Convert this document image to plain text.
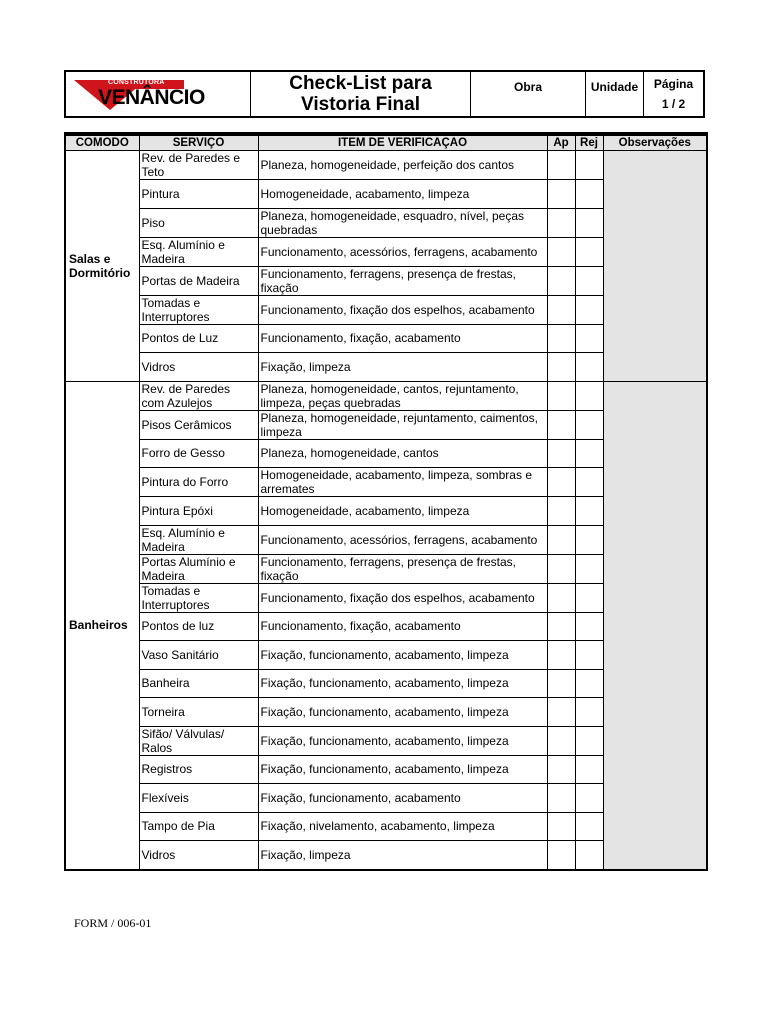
CONSTRUTORA
VENÂNCIO
Check-List para
Vistoria Final
Obra	Unidade	Página
1 / 2
COMODO	SERVIÇO	ITEM DE VERIFICAÇAO	Ap	Rej	Observações
Salas e Dormitório	Rev. de Paredes e Teto	Planeza, homogeneidade, perfeição dos cantos			
	Pintura	Homogeneidade, acabamento, limpeza			
	Piso	Planeza, homogeneidade, esquadro, nível, peças quebradas			
	Esq. Alumínio e Madeira	Funcionamento, acessórios, ferragens, acabamento			
	Portas de Madeira	Funcionamento, ferragens, presença de frestas, fixação			
	Tomadas e Interruptores	Funcionamento, fixação dos espelhos, acabamento			
	Pontos de Luz	Funcionamento, fixação, acabamento			
	Vidros	Fixação, limpeza			
Banheiros	Rev. de Paredes com Azulejos	Planeza, homogeneidade, cantos, rejuntamento, limpeza, peças quebradas			
	Pisos Cerâmicos	Planeza, homogeneidade, rejuntamento, caimentos, limpeza			
	Forro de Gesso	Planeza, homogeneidade, cantos			
	Pintura do Forro	Homogeneidade, acabamento, limpeza, sombras e arremates			
	Pintura Epóxi	Homogeneidade, acabamento, limpeza			
	Esq. Alumínio e Madeira	Funcionamento, acessórios, ferragens, acabamento			
	Portas Alumínio e Madeira	Funcionamento, ferragens, presença de frestas, fixação			
	Tomadas e Interruptores	Funcionamento, fixação dos espelhos, acabamento			
	Pontos de luz	Funcionamento, fixação, acabamento			
	Vaso Sanitário	Fixação, funcionamento, acabamento, limpeza			
	Banheira	Fixação, funcionamento, acabamento, limpeza			
	Torneira	Fixação, funcionamento, acabamento, limpeza			
	Sifão/ Válvulas/ Ralos	Fixação, funcionamento, acabamento, limpeza			
	Registros	Fixação, funcionamento, acabamento, limpeza			
	Flexíveis	Fixação, funcionamento, acabamento			
	Tampo de Pia	Fixação, nivelamento, acabamento, limpeza			
	Vidros	Fixação, limpeza			
FORM / 006-01
